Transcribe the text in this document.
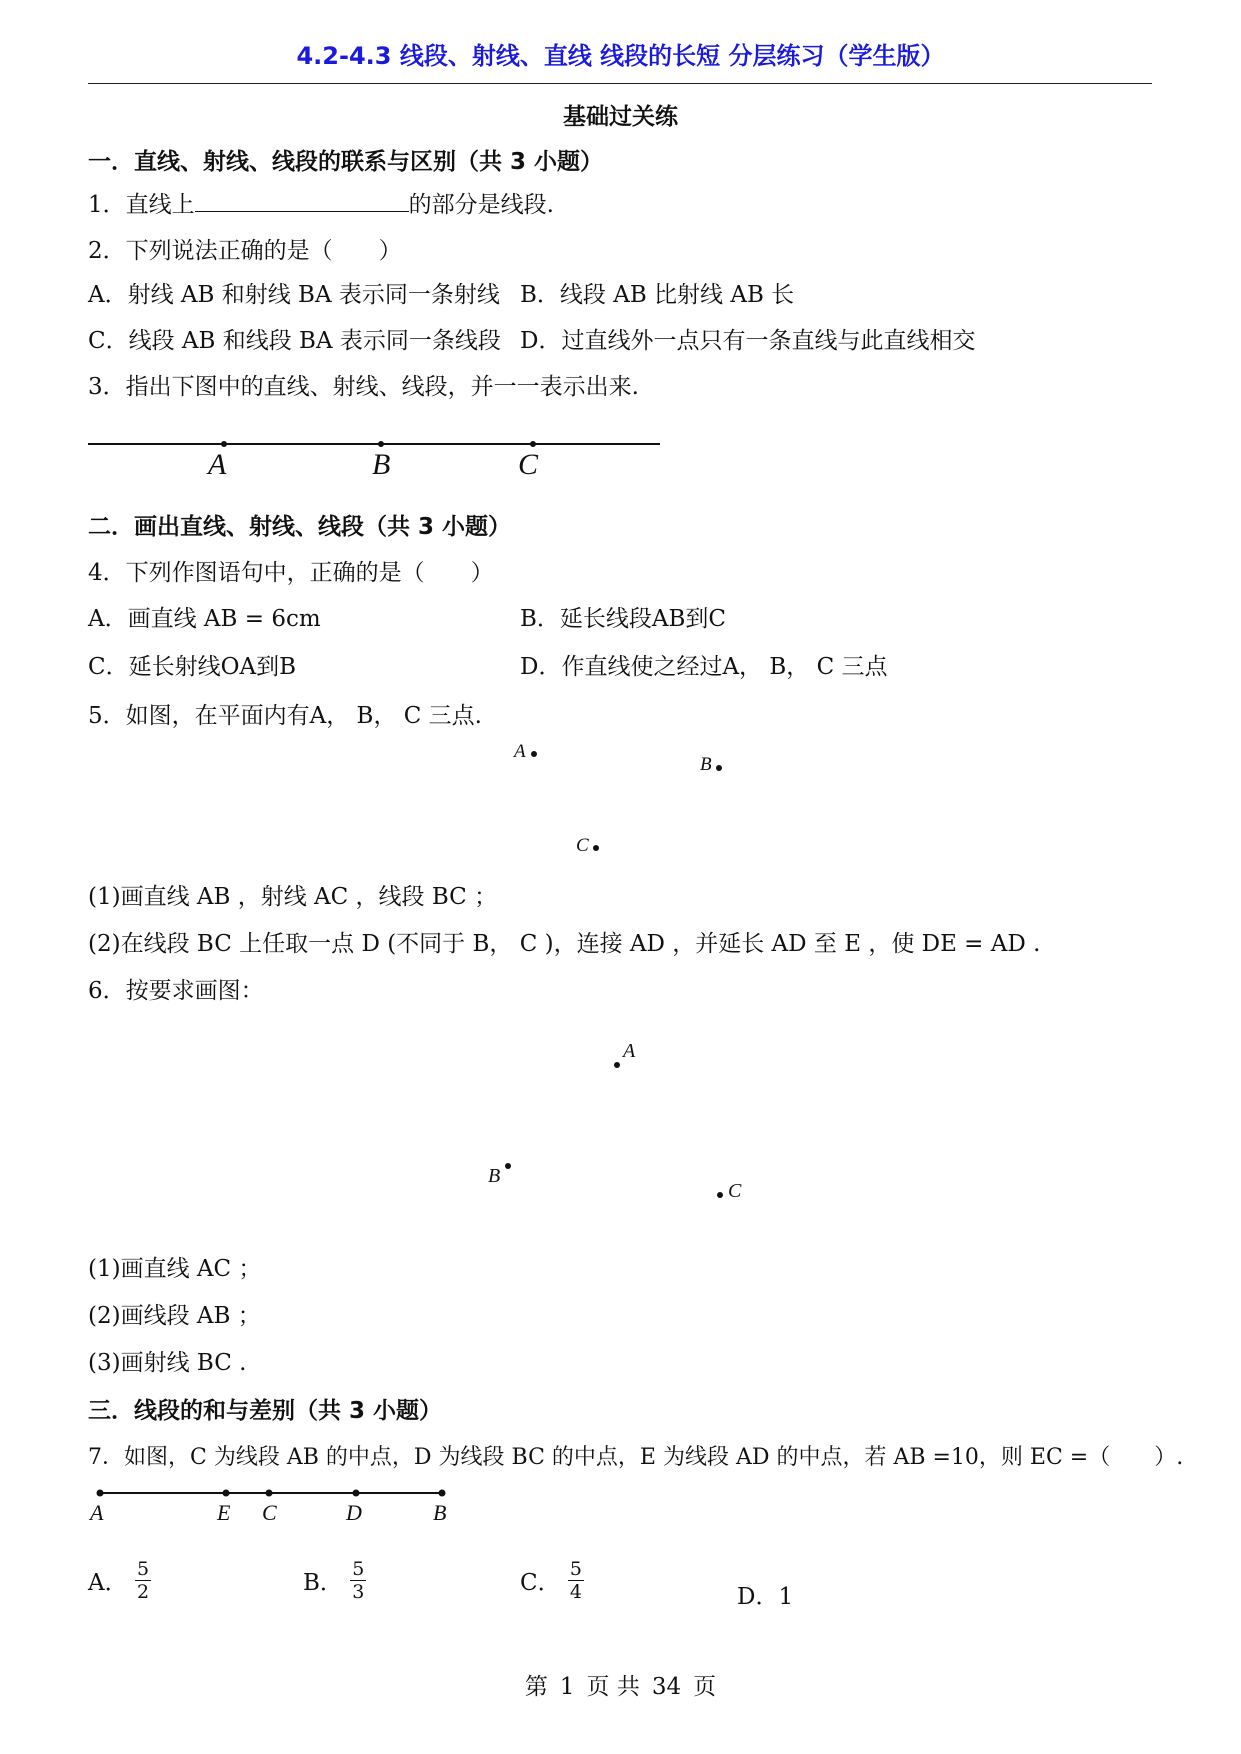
4.2-4.3 线段、射线、直线 线段的长短 分层练习（学生版）
基础过关练
一．直线、射线、线段的联系与区别（共 3 小题）
1．直线上	的部分是线段.
2．下列说法正确的是（　　）
A．射线 AB 和射线 BA 表示同一条射线 B．线段 AB 比射线 AB 长
C．线段 AB 和线段 BA 表示同一条线段 D．过直线外一点只有一条直线与此直线相交
3．指出下图中的直线、射线、线段，并一一表示出来.
A	B	C
二．画出直线、射线、线段（共 3 小题）
4．下列作图语句中，正确的是（　　）
A．画直线 AB = 6cm	B．延长线段AB到C
C．延长射线OA到B	D．作直线使之经过A， B， C 三点
5．如图，在平面内有A， B， C 三点.
A
B
C
(1)画直线 AB ，射线 AC ，线段 BC ；
(2)在线段 BC 上任取一点 D (不同于 B， C )，连接 AD ，并延长 AD 至 E ，使 DE = AD .
6．按要求画图：
A
B
C
(1)画直线 AC ；
(2)画线段 AB ；
(3)画射线 BC .
三．线段的和与差别（共 3 小题）
7．如图，C 为线段 AB 的中点，D 为线段 BC 的中点，E 为线段 AD 的中点，若 AB =10，则 EC =（　　）.
A	E C	D	B
A． $\frac{5}{2}$	B． $\frac{5}{3}$	C． $\frac{5}{4}$	D．1
第 1 页 共 34 页
